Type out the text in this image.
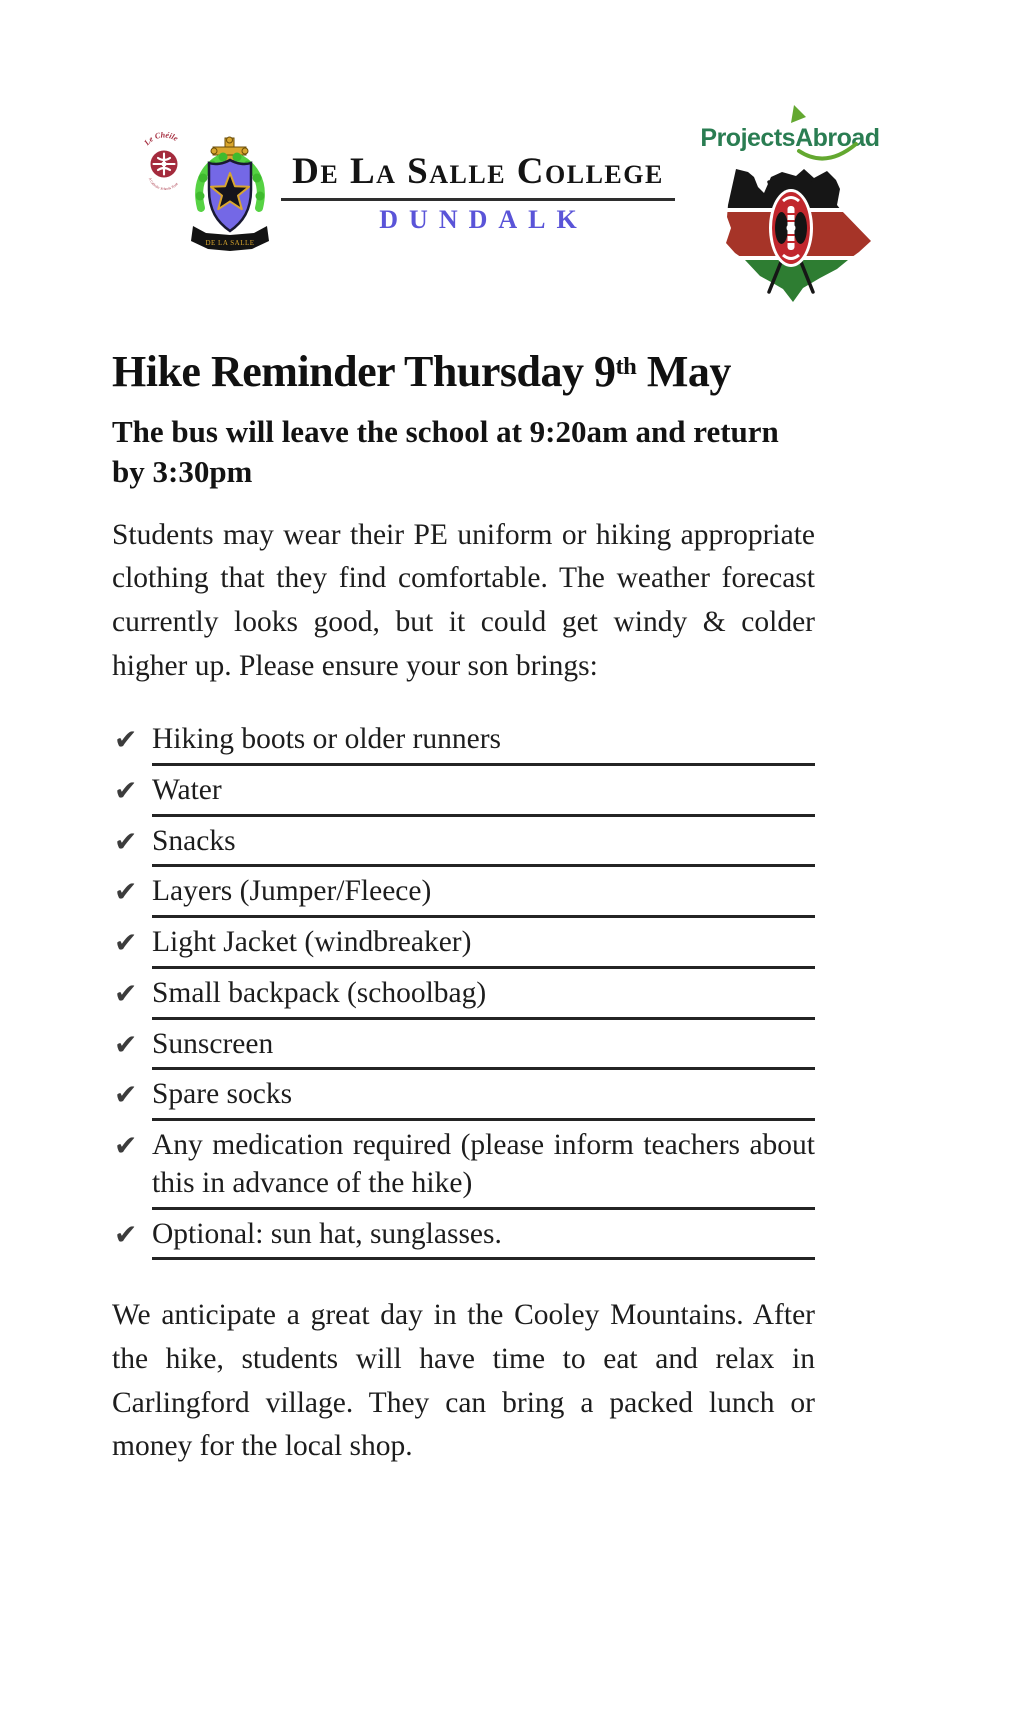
Le Chéile
A Catholic Schools Trust
DE LA SALLE
De La Salle College
DUNDALK
ProjectsAbroad
Hike Reminder Thursday 9th May
The bus will leave the school at 9:20am and return by 3:30pm

Students may wear their PE uniform or hiking appropriate clothing that they find comfortable. The weather forecast currently looks good, but it could get windy & colder higher up. Please ensure your son brings:

✔ Hiking boots or older runners
✔ Water
✔ Snacks
✔ Layers (Jumper/Fleece)
✔ Light Jacket (windbreaker)
✔ Small backpack (schoolbag)
✔ Sunscreen
✔ Spare socks
✔ Any medication required (please inform teachers about this in advance of the hike)
✔ Optional: sun hat, sunglasses.

We anticipate a great day in the Cooley Mountains. After the hike, students will have time to eat and relax in Carlingford village. They can bring a packed lunch or money for the local shop.
